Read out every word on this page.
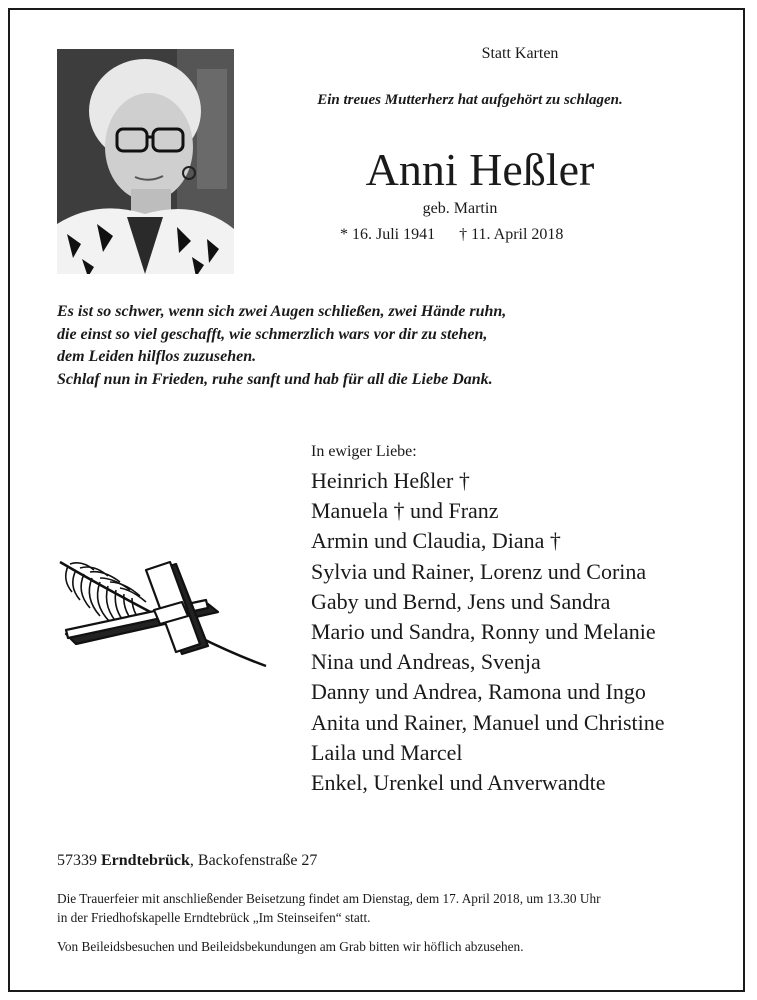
Statt Karten
Ein treues Mutterherz hat aufgehört zu schlagen.
Anni Heßler
geb. Martin
* 16. Juli 1941 † 11. April 2018
Es ist so schwer, wenn sich zwei Augen schließen, zwei Hände ruhn,
die einst so viel geschafft, wie schmerzlich wars vor dir zu stehen,
dem Leiden hilflos zuzusehen.
Schlaf nun in Frieden, ruhe sanft und hab für all die Liebe Dank.
In ewiger Liebe:
Heinrich Heßler †
Manuela † und Franz
Armin und Claudia, Diana †
Sylvia und Rainer, Lorenz und Corina
Gaby und Bernd, Jens und Sandra
Mario und Sandra, Ronny und Melanie
Nina und Andreas, Svenja
Danny und Andrea, Ramona und Ingo
Anita und Rainer, Manuel und Christine
Laila und Marcel
Enkel, Urenkel und Anverwandte
57339 Erndtebrück, Backofenstraße 27
Die Trauerfeier mit anschließender Beisetzung findet am Dienstag, dem 17. April 2018, um 13.30 Uhr
in der Friedhofskapelle Erndtebrück „Im Steinseifen“ statt.
Von Beileidsbesuchen und Beileidsbekundungen am Grab bitten wir höflich abzusehen.
